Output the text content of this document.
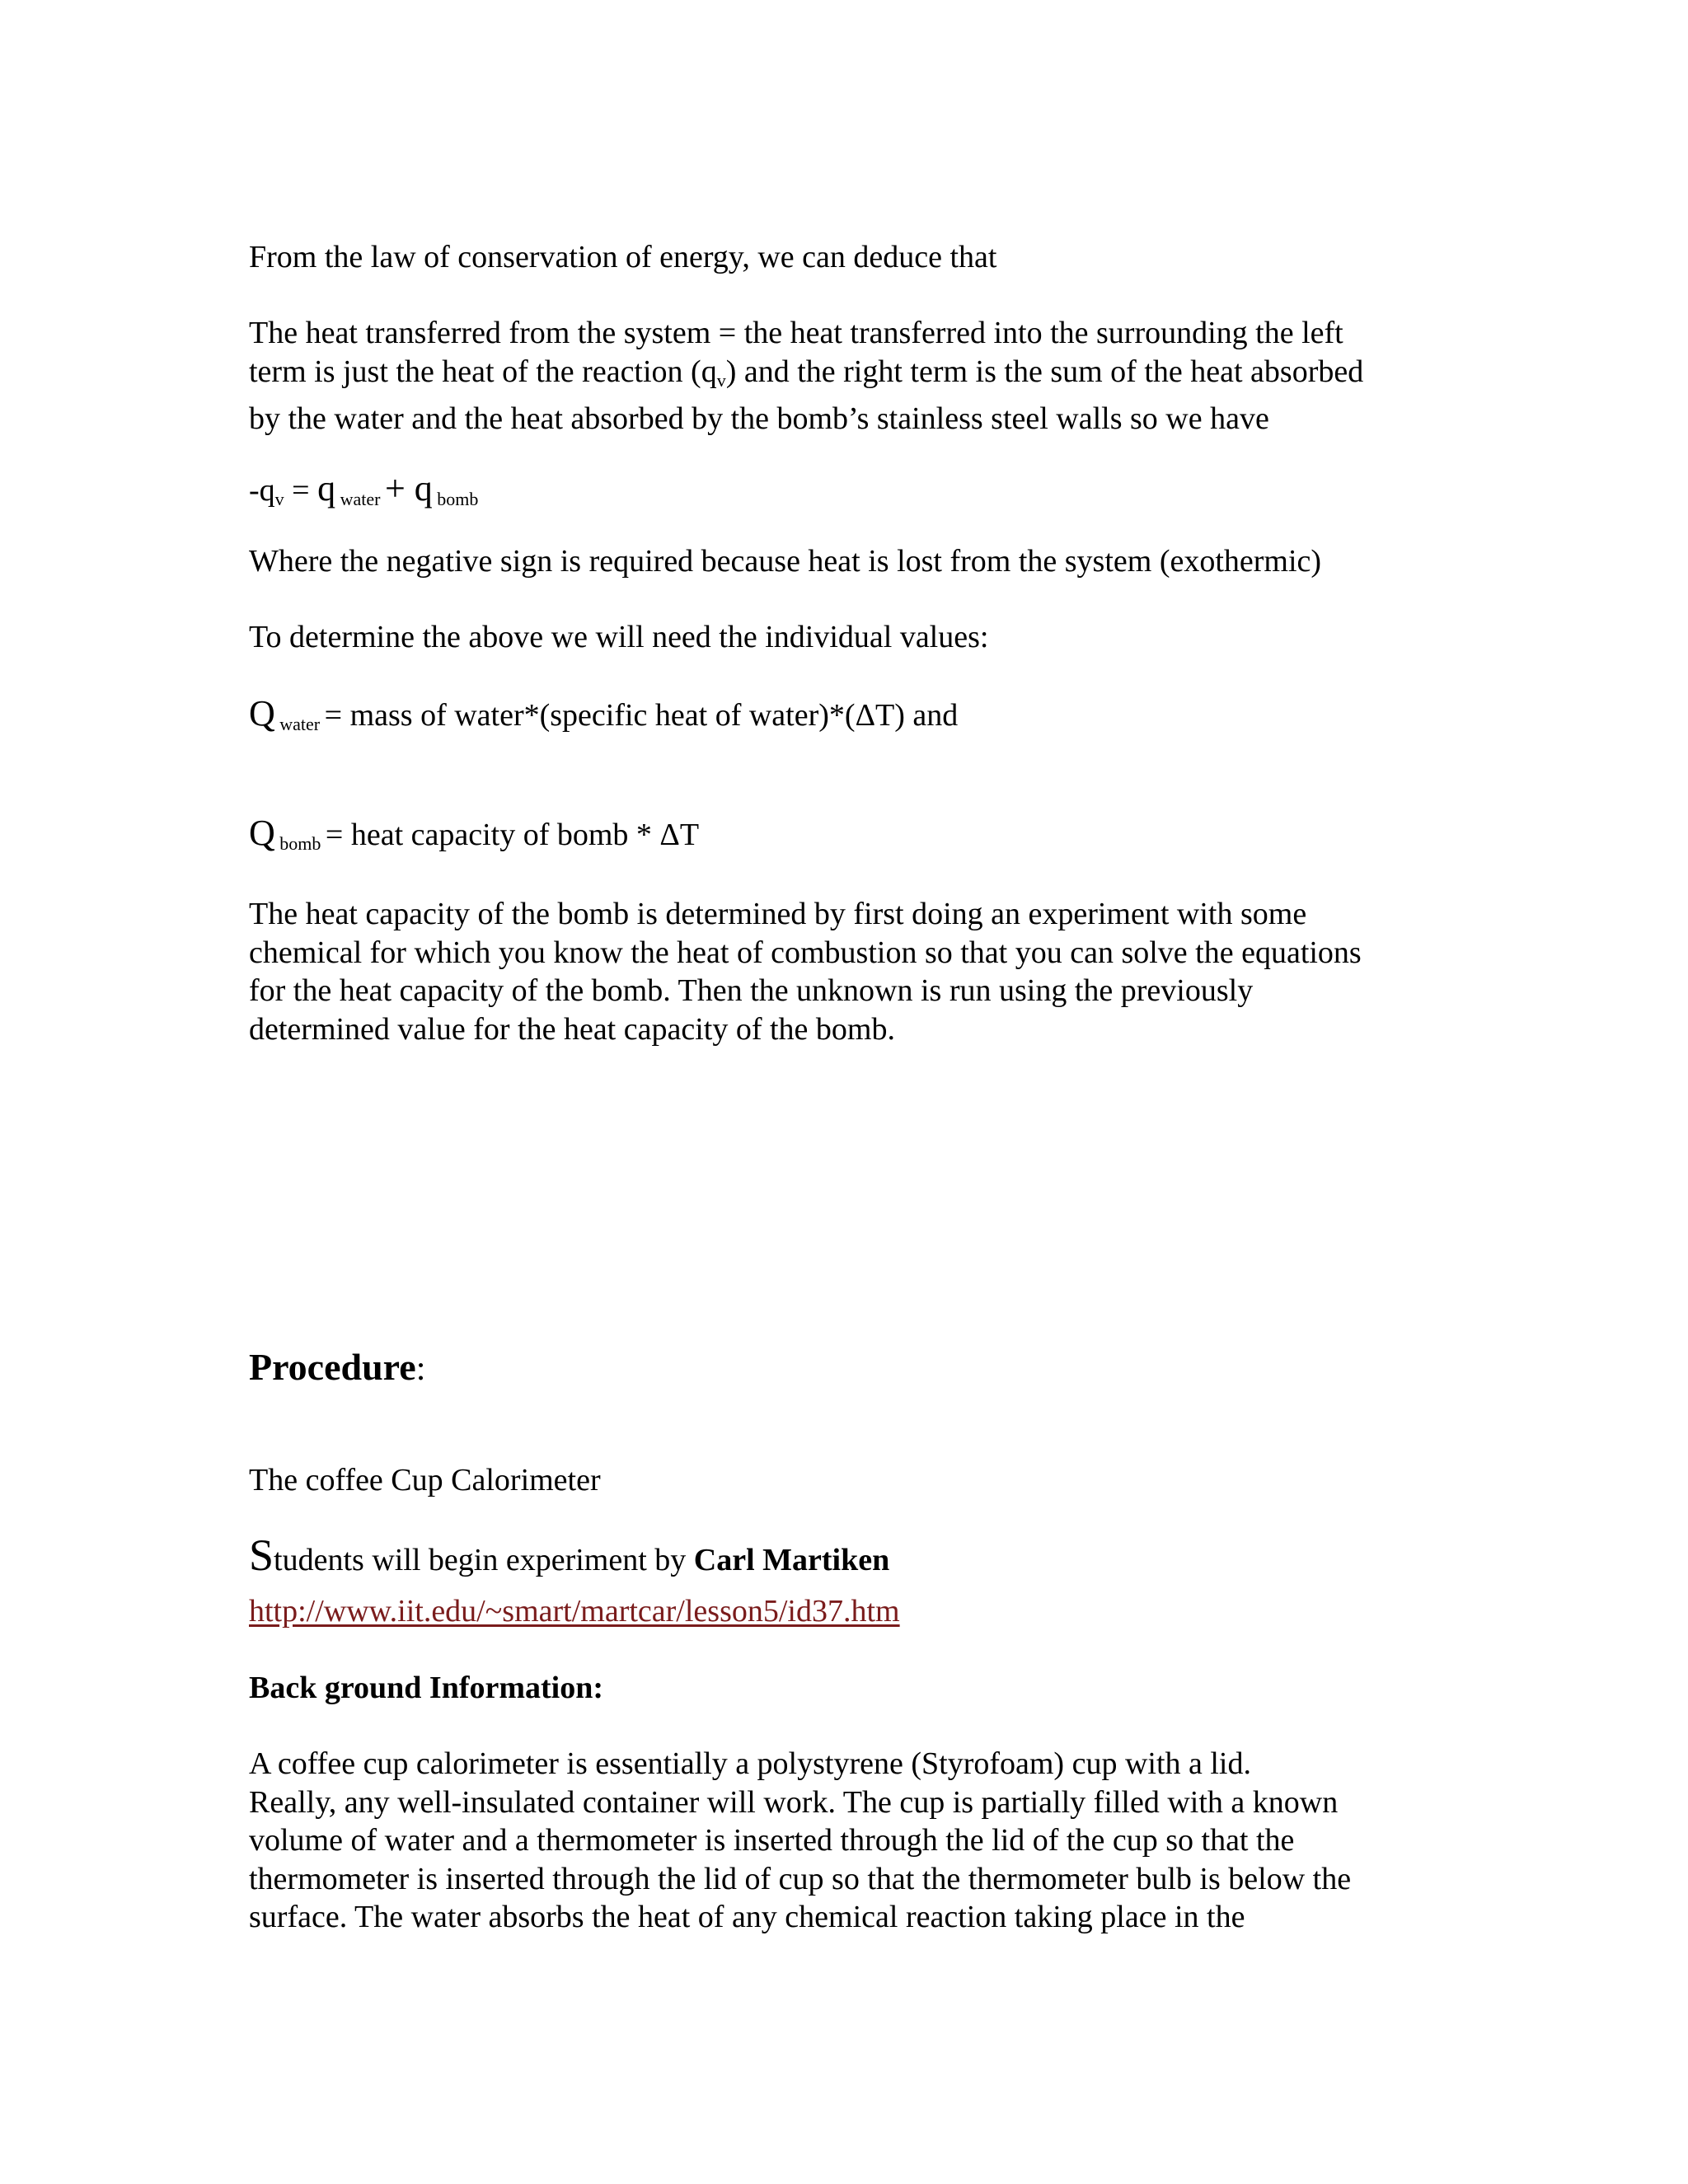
From the law of conservation of energy, we can deduce that

The heat transferred from the system = the heat transferred into the surrounding the left
term is just the heat of the reaction (qv) and the right term is the sum of the heat absorbed
by the water and the heat absorbed by the bomb’s stainless steel walls so we have
-qv = q $_{water}$ + q $_{bomb}$

Where the negative sign is required because heat is lost from the system (exothermic)

To determine the above we will need the individual values:

Q $_{water}$ = mass of water*(specific heat of water)*(ΔT) and
Q $_{bomb}$ = heat capacity of bomb * ΔT
The heat capacity of the bomb is determined by first doing an experiment with some
chemical for which you know the heat of combustion so that you can solve the equations
for the heat capacity of the bomb. Then the unknown is run using the previously
determined value for the heat capacity of the bomb.
Procedure:

The coffee Cup Calorimeter

Students will begin experiment by Carl Martiken
http://www.iit.edu/~smart/martcar/lesson5/id37.htm

Back ground Information:

A coffee cup calorimeter is essentially a polystyrene (Styrofoam) cup with a lid.
Really, any well-insulated container will work. The cup is partially filled with a known
volume of water and a thermometer is inserted through the lid of the cup so that the
thermometer is inserted through the lid of cup so that the thermometer bulb is below the
surface. The water absorbs the heat of any chemical reaction taking place in the
